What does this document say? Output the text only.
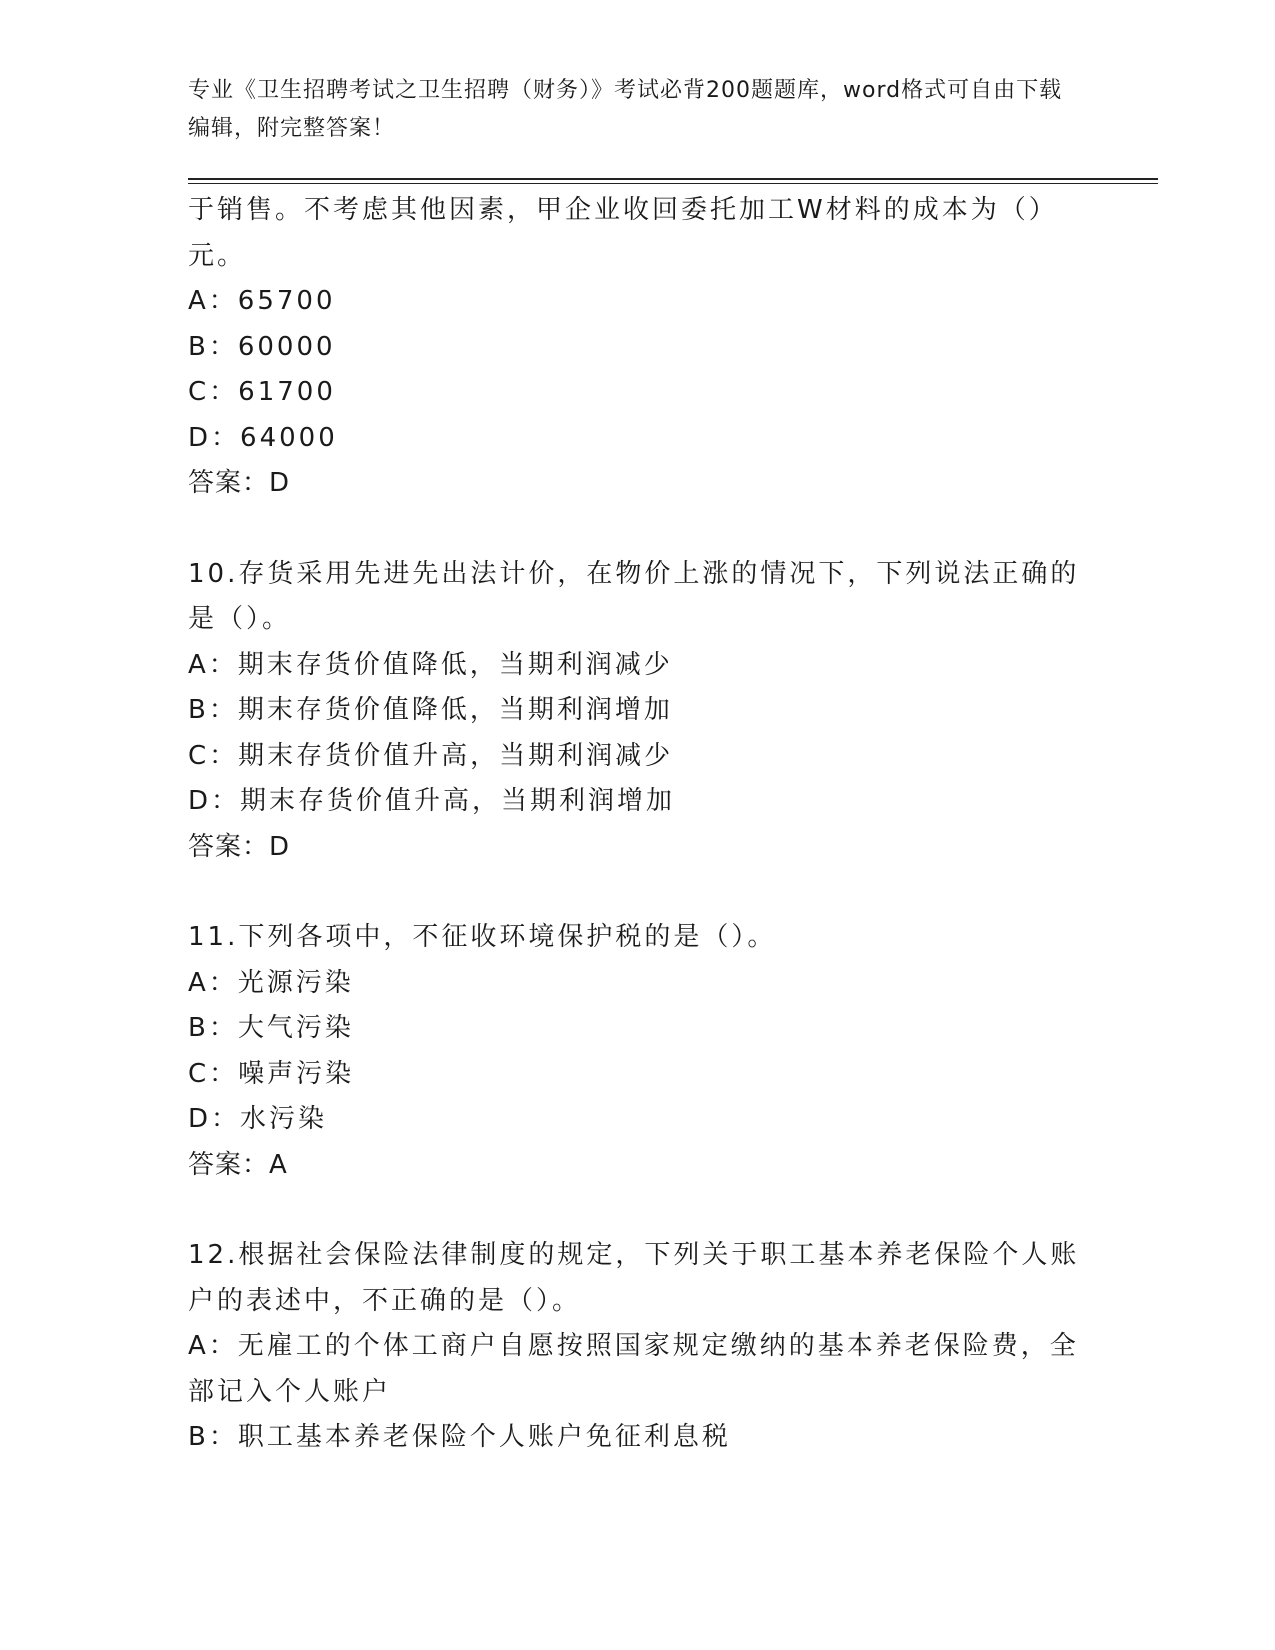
专业《卫生招聘考试之卫生招聘（财务）》考试必背200题题库，word格式可自由下载编辑，附完整答案！

于销售。不考虑其他因素，甲企业收回委托加工W材料的成本为（）元。

A：65700

B：60000

C：61700

D：64000

答案：D

10.存货采用先进先出法计价，在物价上涨的情况下，下列说法正确的是（）。

A：期末存货价值降低，当期利润减少

B：期末存货价值降低，当期利润增加

C：期末存货价值升高，当期利润减少

D：期末存货价值升高，当期利润增加

答案：D

11.下列各项中，不征收环境保护税的是（）。

A：光源污染

B：大气污染

C：噪声污染

D：水污染

答案：A

12.根据社会保险法律制度的规定，下列关于职工基本养老保险个人账户的表述中，不正确的是（）。

A：无雇工的个体工商户自愿按照国家规定缴纳的基本养老保险费，全部记入个人账户

B：职工基本养老保险个人账户免征利息税
